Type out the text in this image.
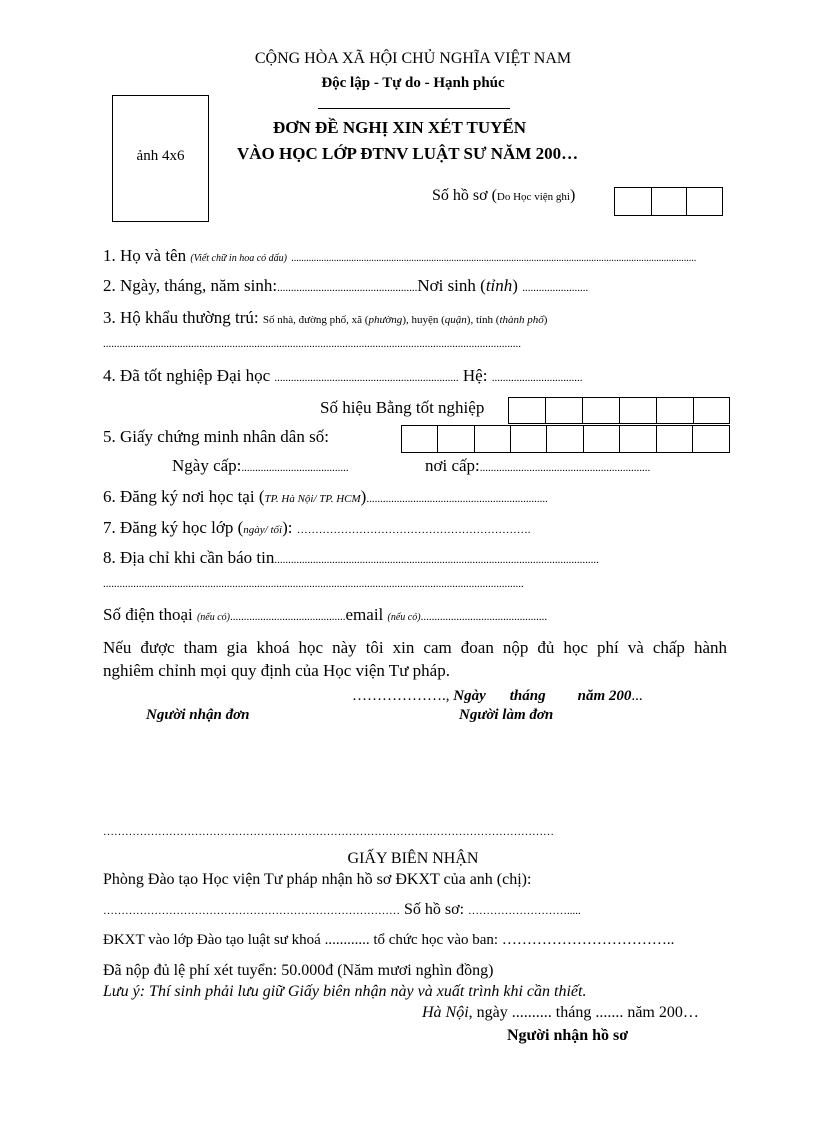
CỘNG HÒA XÃ HỘI CHỦ NGHĨA VIỆT NAM
Độc lập - Tự do - Hạnh phúc
ảnh 4x6
ĐƠN ĐỀ NGHỊ XIN XÉT TUYỂN
VÀO HỌC LỚP ĐTNV LUẬT SƯ NĂM 200…
Số hồ sơ (Do Học viện ghi)
1. Họ và tên (Viết chữ in hoa có dấu) ..................................................................................................................................................................
2. Ngày, tháng, năm sinh:...................................................Nơi sinh (tỉnh) ........................
3. Hộ khẩu thường trú: Số nhà, đường phố, xã (phường), huyện (quận), tỉnh (thành phố)
........................................................................................................................................................
4. Đã tốt nghiệp Đại học ................................................................... Hệ: .................................
Số hiệu Bằng tốt nghiệp
5. Giấy chứng minh nhân dân số:
Ngày cấp:.......................................	nơi cấp:..............................................................
6. Đăng ký nơi học tại (TP. Hà Nội/ TP. HCM)..................................................................
7. Đăng ký học lớp (ngày/ tối): ……………………………………………………….
8. Địa chỉ khi cần báo tin......................................................................................................................
.........................................................................................................................................................
Số điện thoại (nếu có)..........................................email (nếu có)..............................................
Nếu được tham gia khoá học này tôi xin cam đoan nộp đủ học phí và chấp hành
nghiêm chỉnh mọi quy định của Học viện Tư pháp.
………………., Ngày tháng năm 200...
Người nhận đơn	Người làm đơn
……………………………………………………………………………………………………………
GIẤY BIÊN NHẬN
Phòng Đào tạo Học viện Tư pháp nhận hồ sơ ĐKXT của anh (chị):
……………………………………………………………………… Số hồ sơ: ……………………….....
ĐKXT vào lớp Đào tạo luật sư khoá ............ tổ chức học vào ban: ……………………………..
Đã nộp đủ lệ phí xét tuyển: 50.000đ (Năm mươi nghìn đồng)
Lưu ý: Thí sinh phải lưu giữ Giấy biên nhận này và xuất trình khi cần thiết.
Hà Nội, ngày .......... tháng ....... năm 200…
Người nhận hồ sơ
